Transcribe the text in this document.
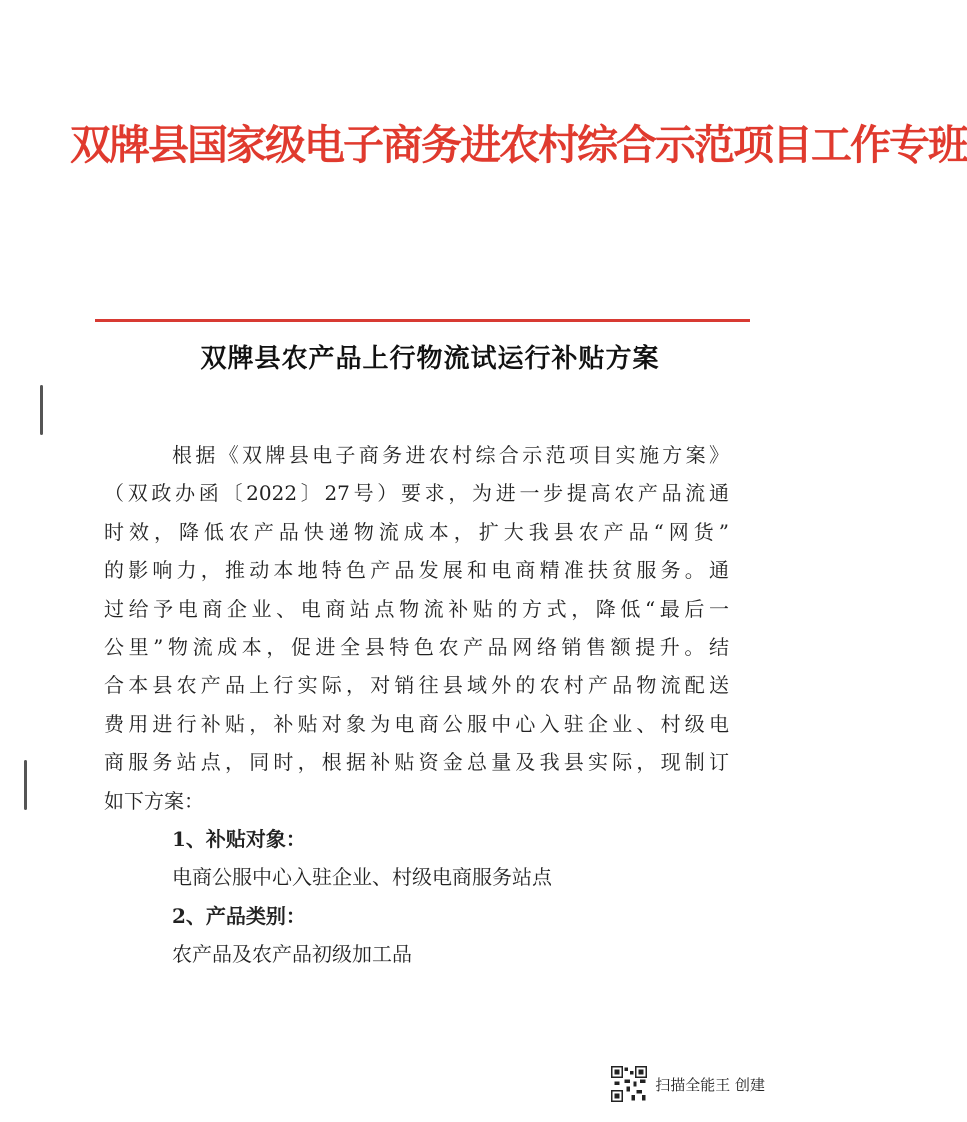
双牌县国家级电子商务进农村综合示范项目工作专班
双牌县农产品上行物流试运行补贴方案
根据《双牌县电子商务进农村综合示范项目实施方案》
（双政办函〔2022〕27号）要求，为进一步提高农产品流通
时效，降低农产品快递物流成本，扩大我县农产品“网货”
的影响力，推动本地特色产品发展和电商精准扶贫服务。通
过给予电商企业、电商站点物流补贴的方式，降低“最后一
公里”物流成本，促进全县特色农产品网络销售额提升。结
合本县农产品上行实际，对销往县域外的农村产品物流配送
费用进行补贴，补贴对象为电商公服中心入驻企业、村级电
商服务站点，同时，根据补贴资金总量及我县实际，现制订
如下方案：
1、补贴对象：
电商公服中心入驻企业、村级电商服务站点
2、产品类别：
农产品及农产品初级加工品
扫描全能王 创建
